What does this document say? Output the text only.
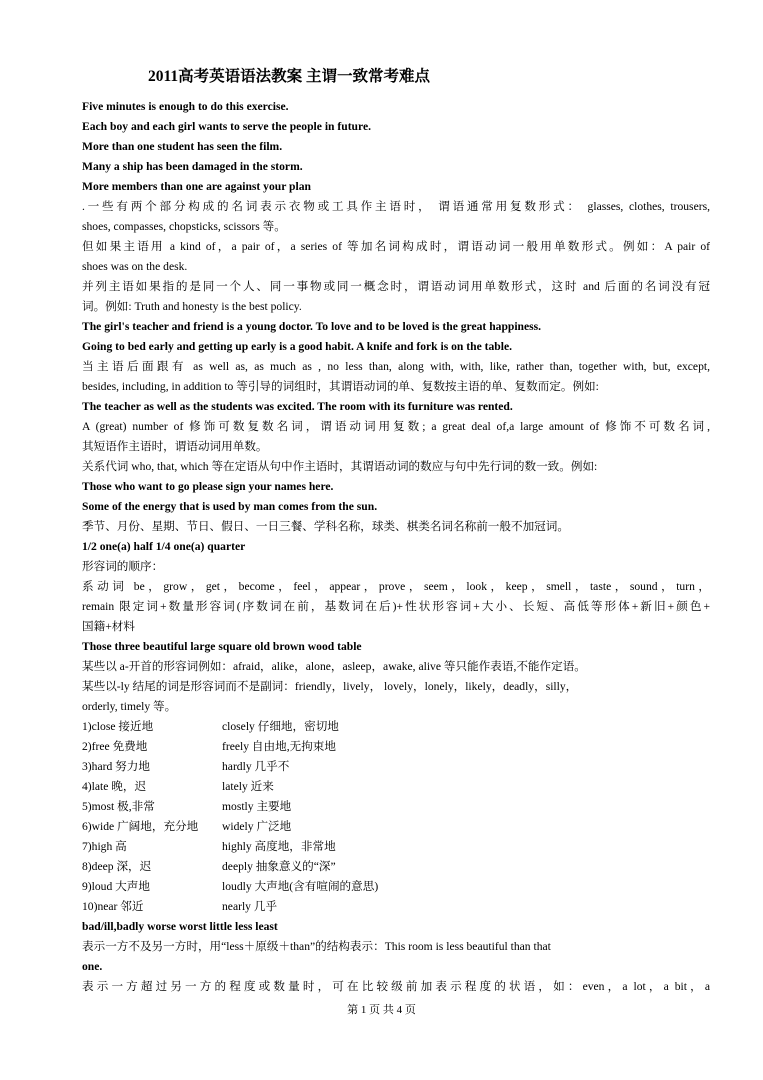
2011高考英语语法教案 主谓一致常考难点
Five minutes is enough to do this exercise.
Each boy and each girl wants to serve the people in future.
More than one student has seen the film.
Many a ship has been damaged in the storm.
More members than one are against your plan
.一些有两个部分构成的名词表示衣物或工具作主语时， 谓语通常用复数形式： glasses, clothes, trousers,
shoes, compasses, chopsticks, scissors 等。
但如果主语用 a kind of，a pair of，a series of 等加名词构成时，谓语动词一般用单数形式。例如：A pair of
shoes was on the desk.
并列主语如果指的是同一个人、同一事物或同一概念时，谓语动词用单数形式，这时 and 后面的名词没有冠
词。例如: Truth and honesty is the best policy.
The girl's teacher and friend is a young doctor. To love and to be loved is the great happiness.
Going to bed early and getting up early is a good habit. A knife and fork is on the table.
当主语后面跟有 as well as, as much as , no less than, along with, with, like, rather than, together with, but, except,
besides, including, in addition to 等引导的词组时，其谓语动词的单、复数按主语的单、复数而定。例如:
The teacher as well as the students was excited. The room with its furniture was rented.
A (great) number of 修饰可数复数名词，谓语动词用复数; a great deal of,a large amount of 修饰不可数名词,
其短语作主语时，谓语动词用单数。
关系代词 who, that, which 等在定语从句中作主语时，其谓语动词的数应与句中先行词的数一致。例如:
Those who want to go please sign your names here.
Some of the energy that is used by man comes from the sun.
季节、月份、星期、节日、假日、一日三餐、学科名称，球类、棋类名词名称前一般不加冠词。
1/2 one(a) half 1/4 one(a) quarter
形容词的顺序：
系动词 be，grow，get，become，feel，appear，prove，seem，look，keep，smell，taste，sound，turn，
remain 限定词+数量形容词(序数词在前，基数词在后)+性状形容词+大小、长短、高低等形体+新旧+颜色+
国籍+材料
Those three beautiful large square old brown wood table
某些以 a-开首的形容词例如：afraid，alike，alone，asleep，awake, alive 等只能作表语,不能作定语。
某些以-ly 结尾的词是形容词而不是副词：friendly，lively， lovely，lonely，likely，deadly，silly，
orderly, timely 等。
1)close 接近地	closely 仔细地，密切地
2)free 免费地	freely 自由地,无拘束地
3)hard 努力地	hardly 几乎不
4)late 晚，迟	lately 近来
5)most 极,非常	mostly 主要地
6)wide 广阔地，充分地	widely 广泛地
7)high 高	highly 高度地，非常地
8)deep 深，迟	deeply 抽象意义的“深”
9)loud 大声地	loudly 大声地(含有喧闹的意思)
10)near 邻近	nearly 几乎
bad/ill,badly worse worst little less least
表示一方不及另一方时，用“less＋原级＋than”的结构表示：This room is less beautiful than that
one.
表示一方超过另一方的程度或数量时，可在比较级前加表示程度的状语，如：even，a lot，a bit，a
第 1 页 共 4 页
